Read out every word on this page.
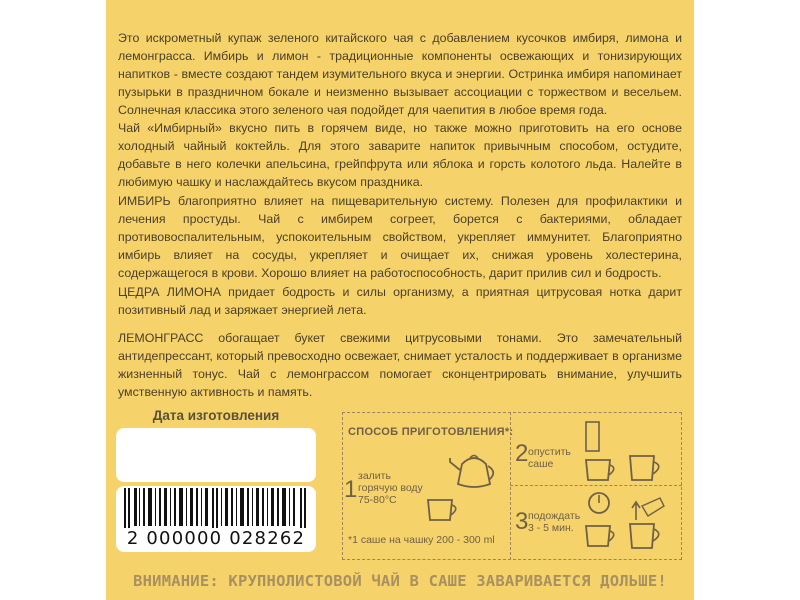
Это искрометный купаж зеленого китайского чая с добавлением кусочков имбиря, лимона и лемонграсса. Имбирь и лимон - традиционные компоненты освежающих и тонизирующих напитков - вместе создают тандем изумительного вкуса и энергии. Остринка имбиря напоминает пузырьки в праздничном бокале и неизменно вызывает ассоциации с торжеством и весельем. Солнечная классика этого зеленого чая подойдет для чаепития в любое время года.

Чай «Имбирный» вкусно пить в горячем виде, но также можно приготовить на его основе холодный чайный коктейль. Для этого заварите напиток привычным способом, остудите, добавьте в него колечки апельсина, грейпфрута или яблока и горсть колотого льда. Налейте в любимую чашку и наслаждайтесь вкусом праздника.

ИМБИРЬ благоприятно влияет на пищеварительную систему. Полезен для профилактики и лечения простуды. Чай с имбирем согреет, борется с бактериями, обладает противовоспалительным, успокоительным свойством, укрепляет иммунитет. Благоприятно имбирь влияет на сосуды, укрепляет и очищает их, снижая уровень холестерина, содержащегося в крови. Хорошо влияет на работоспособность, дарит прилив сил и бодрость.

ЦЕДРА ЛИМОНА придает бодрость и силы организму, а приятная цитрусовая нотка дарит позитивный лад и заряжает энергией лета.

ЛЕМОНГРАСС обогащает букет свежими цитрусовыми тонами. Это замечательный антидепрессант, который превосходно освежает, снимает усталость и поддерживает в организме жизненный тонус. Чай с лемонграссом помогает сконцентрировать внимание, улучшить умственную активность и память.

Дата изготовления
2 000000 028262
СПОСОБ ПРИГОТОВЛЕНИЯ*:
1 залить
горячую воду
75-80°С
*1 саше на чашку 200 - 300 ml
2 опустить
саше
3 подождать
3 - 5 мин.
ВНИМАНИЕ: КРУПНОЛИСТОВОЙ ЧАЙ В САШЕ ЗАВАРИВАЕТСЯ ДОЛЬШЕ!
